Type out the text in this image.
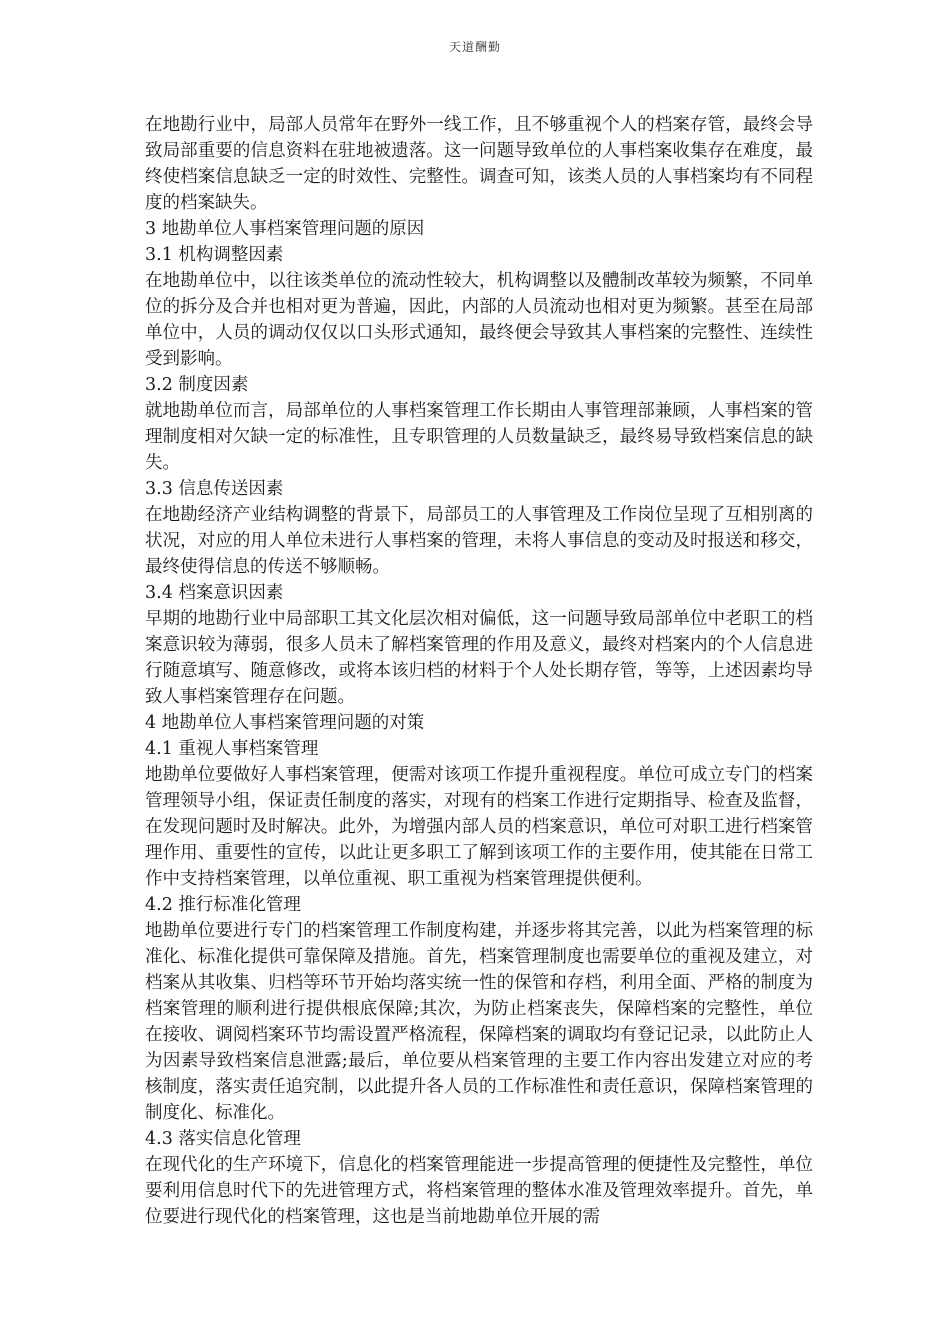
天道酬勤

在地勘行业中，局部人员常年在野外一线工作，且不够重视个人的档案存管，最终会导致局部重要的信息资料在驻地被遗落。这一问题导致单位的人事档案收集存在难度，最终使档案信息缺乏一定的时效性、完整性。调查可知，该类人员的人事档案均有不同程度的档案缺失。

3 地勘单位人事档案管理问题的原因

3.1 机构调整因素

在地勘单位中，以往该类单位的流动性较大，机构调整以及體制改革较为频繁，不同单位的拆分及合并也相对更为普遍，因此，内部的人员流动也相对更为频繁。甚至在局部单位中，人员的调动仅仅以口头形式通知，最终便会导致其人事档案的完整性、连续性受到影响。

3.2 制度因素

就地勘单位而言，局部单位的人事档案管理工作长期由人事管理部兼顾，人事档案的管理制度相对欠缺一定的标准性，且专职管理的人员数量缺乏，最终易导致档案信息的缺失。

3.3 信息传送因素

在地勘经济产业结构调整的背景下，局部员工的人事管理及工作岗位呈现了互相别离的状况，对应的用人单位未进行人事档案的管理，未将人事信息的变动及时报送和移交，最终使得信息的传送不够顺畅。

3.4 档案意识因素

早期的地勘行业中局部职工其文化层次相对偏低，这一问题导致局部单位中老职工的档案意识较为薄弱，很多人员未了解档案管理的作用及意义，最终对档案内的个人信息进行随意填写、随意修改，或将本该归档的材料于个人处长期存管，等等，上述因素均导致人事档案管理存在问题。

4 地勘单位人事档案管理问题的对策

4.1 重视人事档案管理

地勘单位要做好人事档案管理，便需对该项工作提升重视程度。单位可成立专门的档案管理领导小组，保证责任制度的落实，对现有的档案工作进行定期指导、检查及监督，在发现问题时及时解决。此外，为增强内部人员的档案意识，单位可对职工进行档案管理作用、重要性的宣传，以此让更多职工了解到该项工作的主要作用，使其能在日常工作中支持档案管理，以单位重视、职工重视为档案管理提供便利。

4.2 推行标准化管理

地勘单位要进行专门的档案管理工作制度构建，并逐步将其完善，以此为档案管理的标准化、标准化提供可靠保障及措施。首先，档案管理制度也需要单位的重视及建立，对档案从其收集、归档等环节开始均落实统一性的保管和存档，利用全面、严格的制度为档案管理的顺利进行提供根底保障;其次，为防止档案丧失，保障档案的完整性，单位在接收、调阅档案环节均需设置严格流程，保障档案的调取均有登记记录，以此防止人为因素导致档案信息泄露;最后，单位要从档案管理的主要工作内容出发建立对应的考核制度，落实责任追究制，以此提升各人员的工作标准性和责任意识，保障档案管理的制度化、标准化。

4.3 落实信息化管理

在现代化的生产环境下，信息化的档案管理能进一步提高管理的便捷性及完整性，单位要利用信息时代下的先进管理方式，将档案管理的整体水准及管理效率提升。首先，单位要进行现代化的档案管理，这也是当前地勘单位开展的需
